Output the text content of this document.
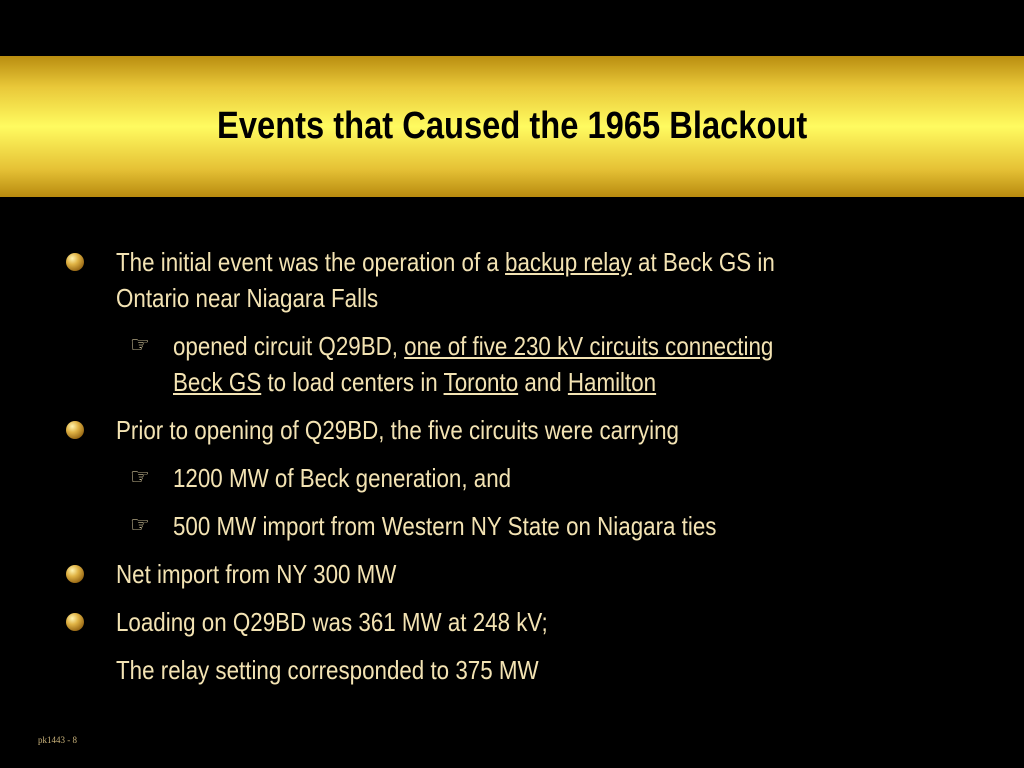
Events that Caused the 1965 Blackout
The initial event was the operation of a backup relay at Beck GS in
Ontario near Niagara Falls
☞ opened circuit Q29BD, one of five 230 kV circuits connecting
Beck GS to load centers in Toronto and Hamilton
Prior to opening of Q29BD, the five circuits were carrying
☞ 1200 MW of Beck generation, and
☞ 500 MW import from Western NY State on Niagara ties
Net import from NY 300 MW
Loading on Q29BD was 361 MW at 248 kV;
The relay setting corresponded to 375 MW
pk1443 - 8
